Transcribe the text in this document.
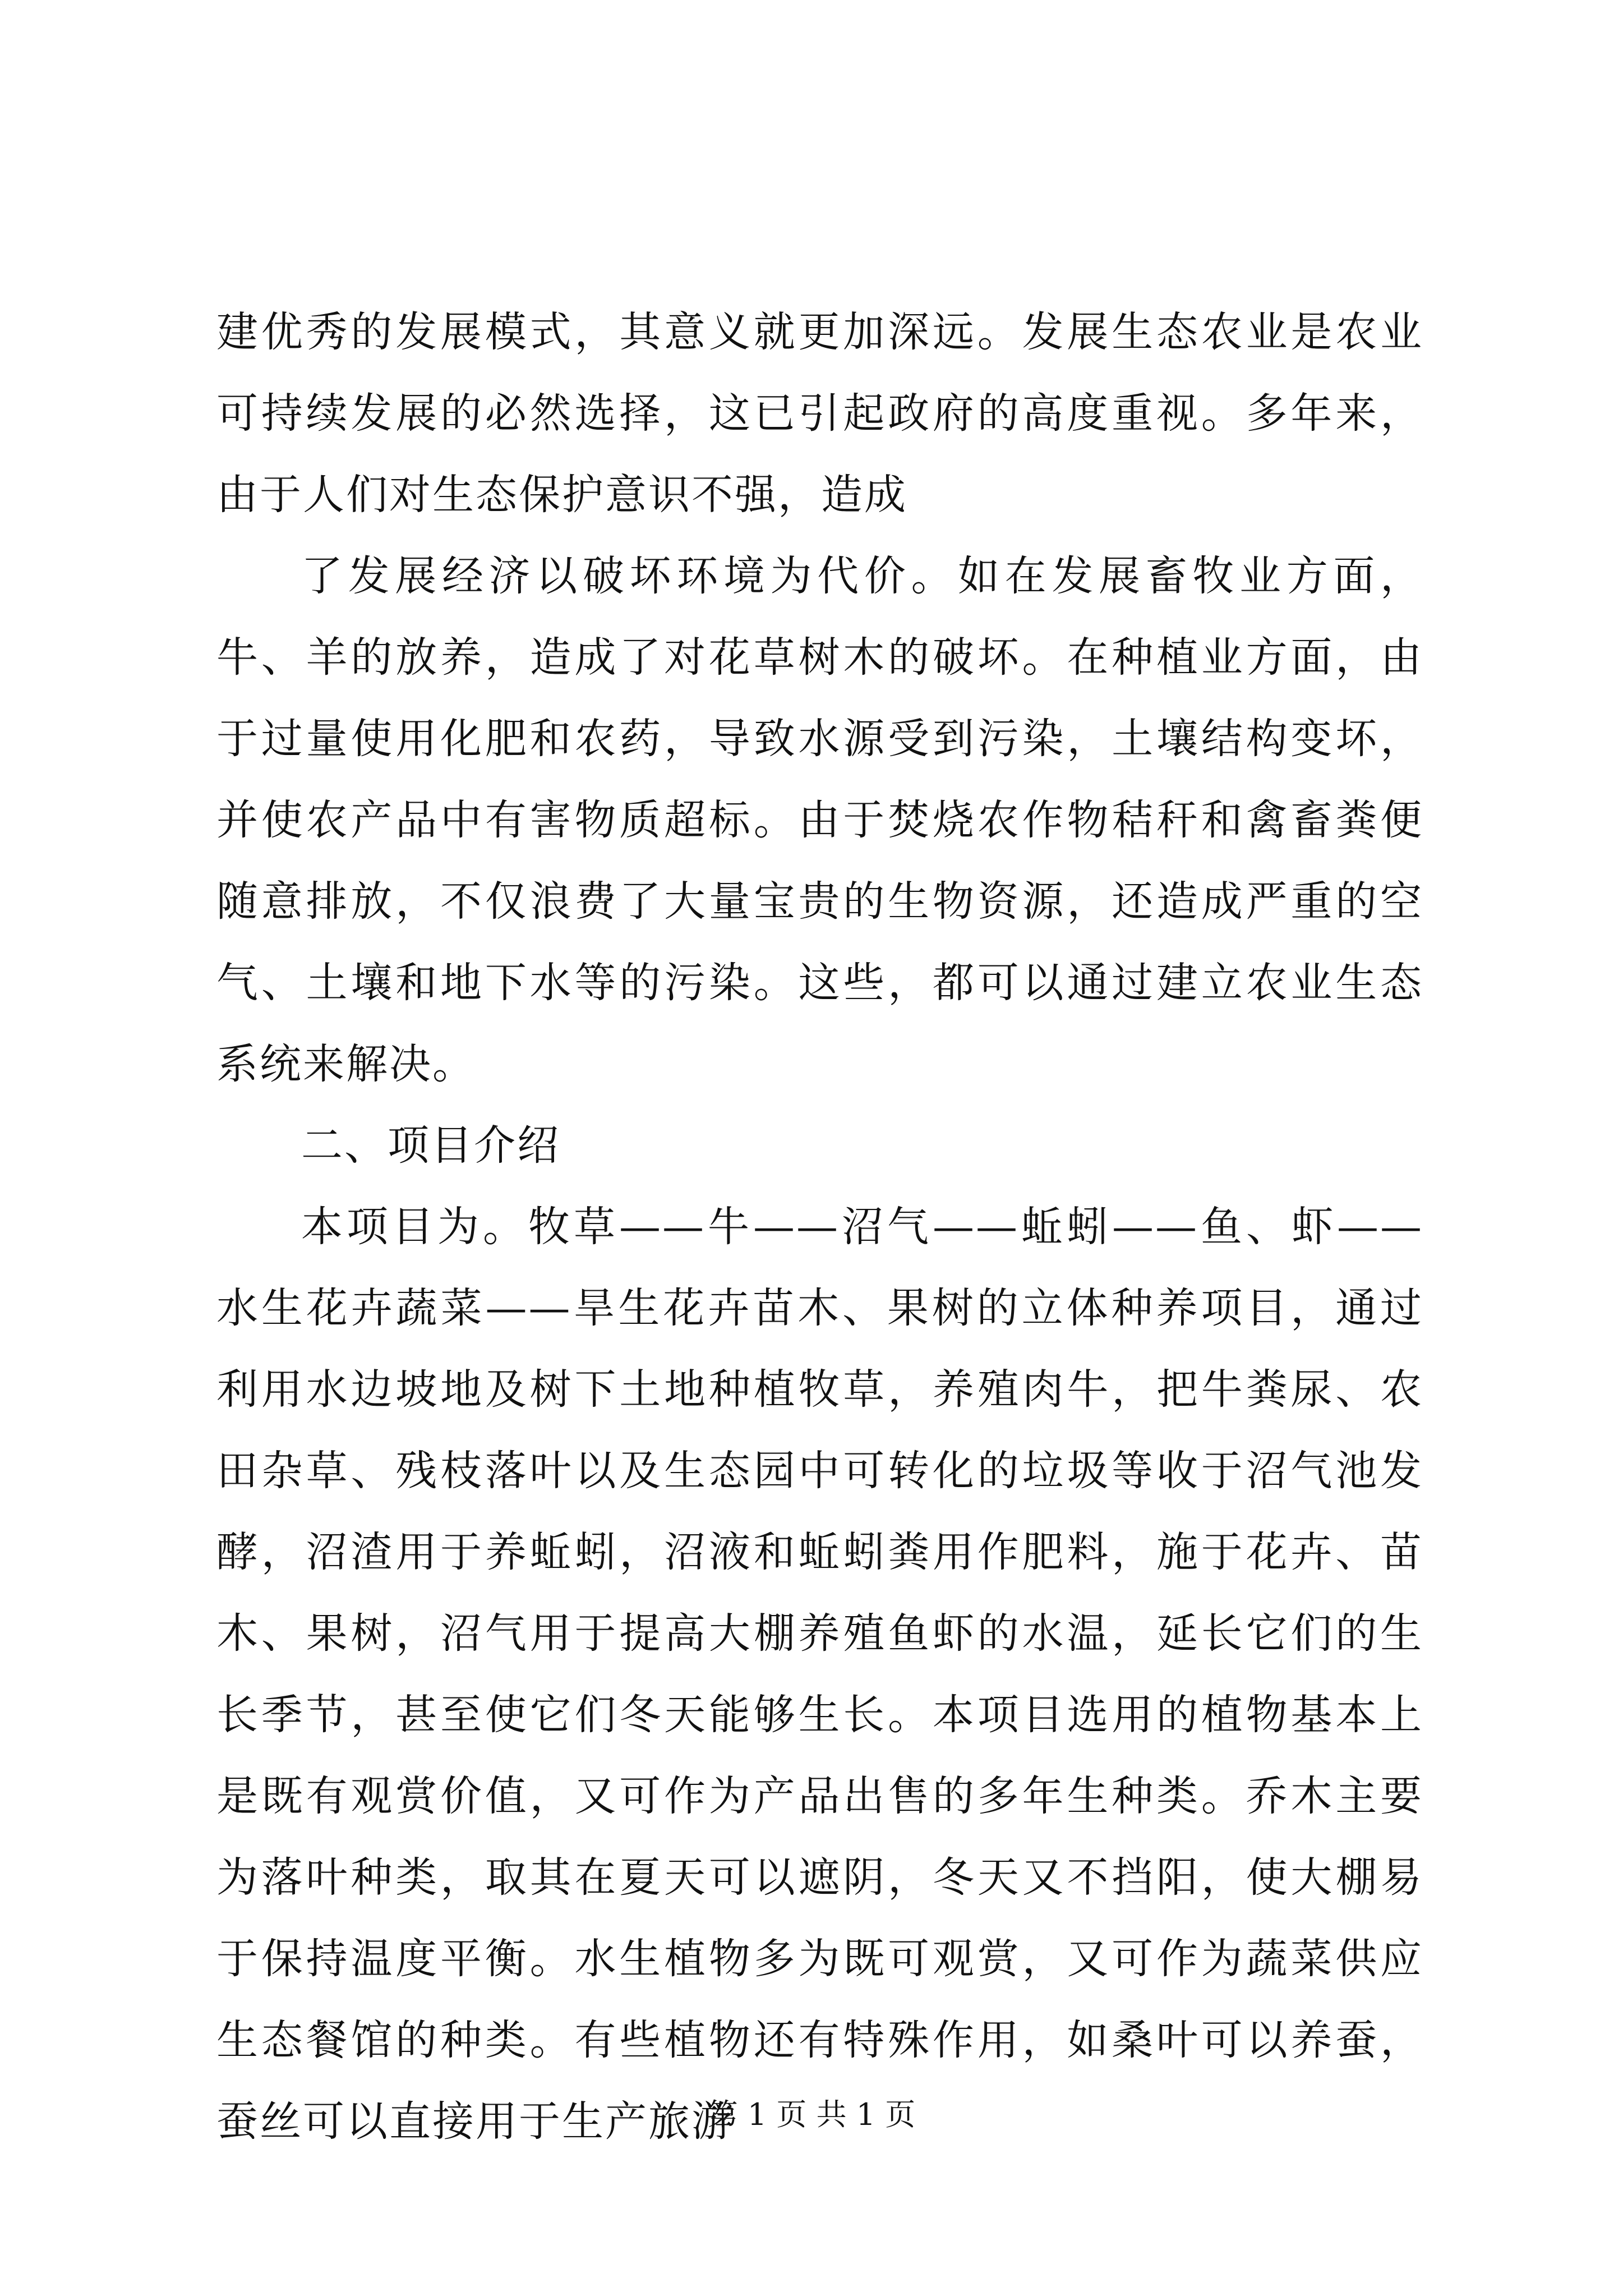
建优秀的发展模式，其意义就更加深远。发展生态农业是农业可持续发展的必然选择，这已引起政府的高度重视。多年来，由于人们对生态保护意识不强，造成

了发展经济以破坏环境为代价。如在发展畜牧业方面，牛、羊的放养，造成了对花草树木的破坏。在种植业方面，由于过量使用化肥和农药，导致水源受到污染，土壤结构变坏，并使农产品中有害物质超标。由于焚烧农作物秸秆和禽畜粪便随意排放，不仅浪费了大量宝贵的生物资源，还造成严重的空气、土壤和地下水等的污染。这些，都可以通过建立农业生态系统来解决。

二、项目介绍

本项目为。牧草——牛——沼气——蚯蚓——鱼、虾——水生花卉蔬菜——旱生花卉苗木、果树的立体种养项目，通过利用水边坡地及树下土地种植牧草，养殖肉牛，把牛粪尿、农田杂草、残枝落叶以及生态园中可转化的垃圾等收于沼气池发酵，沼渣用于养蚯蚓，沼液和蚯蚓粪用作肥料，施于花卉、苗木、果树，沼气用于提高大棚养殖鱼虾的水温，延长它们的生长季节，甚至使它们冬天能够生长。本项目选用的植物基本上是既有观赏价值，又可作为产品出售的多年生种类。乔木主要为落叶种类，取其在夏天可以遮阴，冬天又不挡阳，使大棚易于保持温度平衡。水生植物多为既可观赏，又可作为蔬菜供应生态餐馆的种类。有些植物还有特殊作用，如桑叶可以养蚕，蚕丝可以直接用于生产旅游

第 1 页 共 1 页
